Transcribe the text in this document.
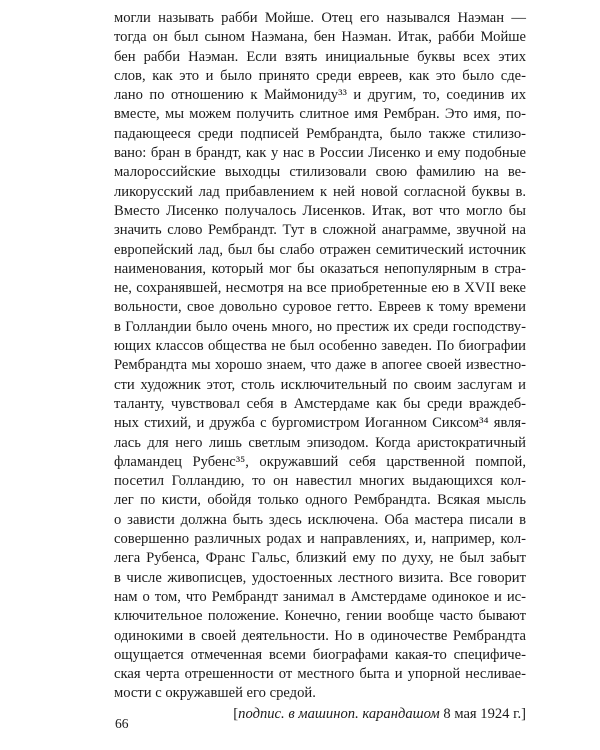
могли называть рабби Мойше. Отец его назывался Наэман —
тогда он был сыном Наэмана, бен Наэман. Итак, рабби Мойше
бен рабби Наэман. Если взять инициальные буквы всех этих
слов, как это и было принято среди евреев, как это было сде-
лано по отношению к Маймониду³³ и другим, то, соединив их
вместе, мы можем получить слитное имя Рембран. Это имя, по-
падающееся среди подписей Рембрандта, было также стилизо-
вано: бран в брандт, как у нас в России Лисенко и ему подобные
малороссийские выходцы стилизовали свою фамилию на ве-
ликорусский лад прибавлением к ней новой согласной буквы в.
Вместо Лисенко получалось Лисенков. Итак, вот что могло бы
значить слово Рембрандт. Тут в сложной анаграмме, звучной на
европейский лад, был бы слабо отражен семитический источник
наименования, который мог бы оказаться непопулярным в стра-
не, сохранявшей, несмотря на все приобретенные ею в XVII веке
вольности, свое довольно суровое гетто. Евреев к тому времени
в Голландии было очень много, но престиж их среди господству-
ющих классов общества не был особенно заведен. По биографии
Рембрандта мы хорошо знаем, что даже в апогее своей известно-
сти художник этот, столь исключительный по своим заслугам и
таланту, чувствовал себя в Амстердаме как бы среди враждеб-
ных стихий, и дружба с бургомистром Иоганном Сиксом³⁴ явля-
лась для него лишь светлым эпизодом. Когда аристократичный
фламандец Рубенс³⁵, окружавший себя царственной помпой,
посетил Голландию, то он навестил многих выдающихся кол-
лег по кисти, обойдя только одного Рембрандта. Всякая мысль
о зависти должна быть здесь исключена. Оба мастера писали в
совершенно различных родах и направлениях, и, например, кол-
лега Рубенса, Франс Гальс, близкий ему по духу, не был забыт
в числе живописцев, удостоенных лестного визита. Все говорит
нам о том, что Рембрандт занимал в Амстердаме одинокое и ис-
ключительное положение. Конечно, гении вообще часто бывают
одинокими в своей деятельности. Но в одиночестве Рембрандта
ощущается отмеченная всеми биографами какая-то специфиче-
ская черта отрешенности от местного быта и упорной несливае-
мости с окружавшей его средой.
[подпис. в машиноп. карандашом 8 мая 1924 г.]
66
